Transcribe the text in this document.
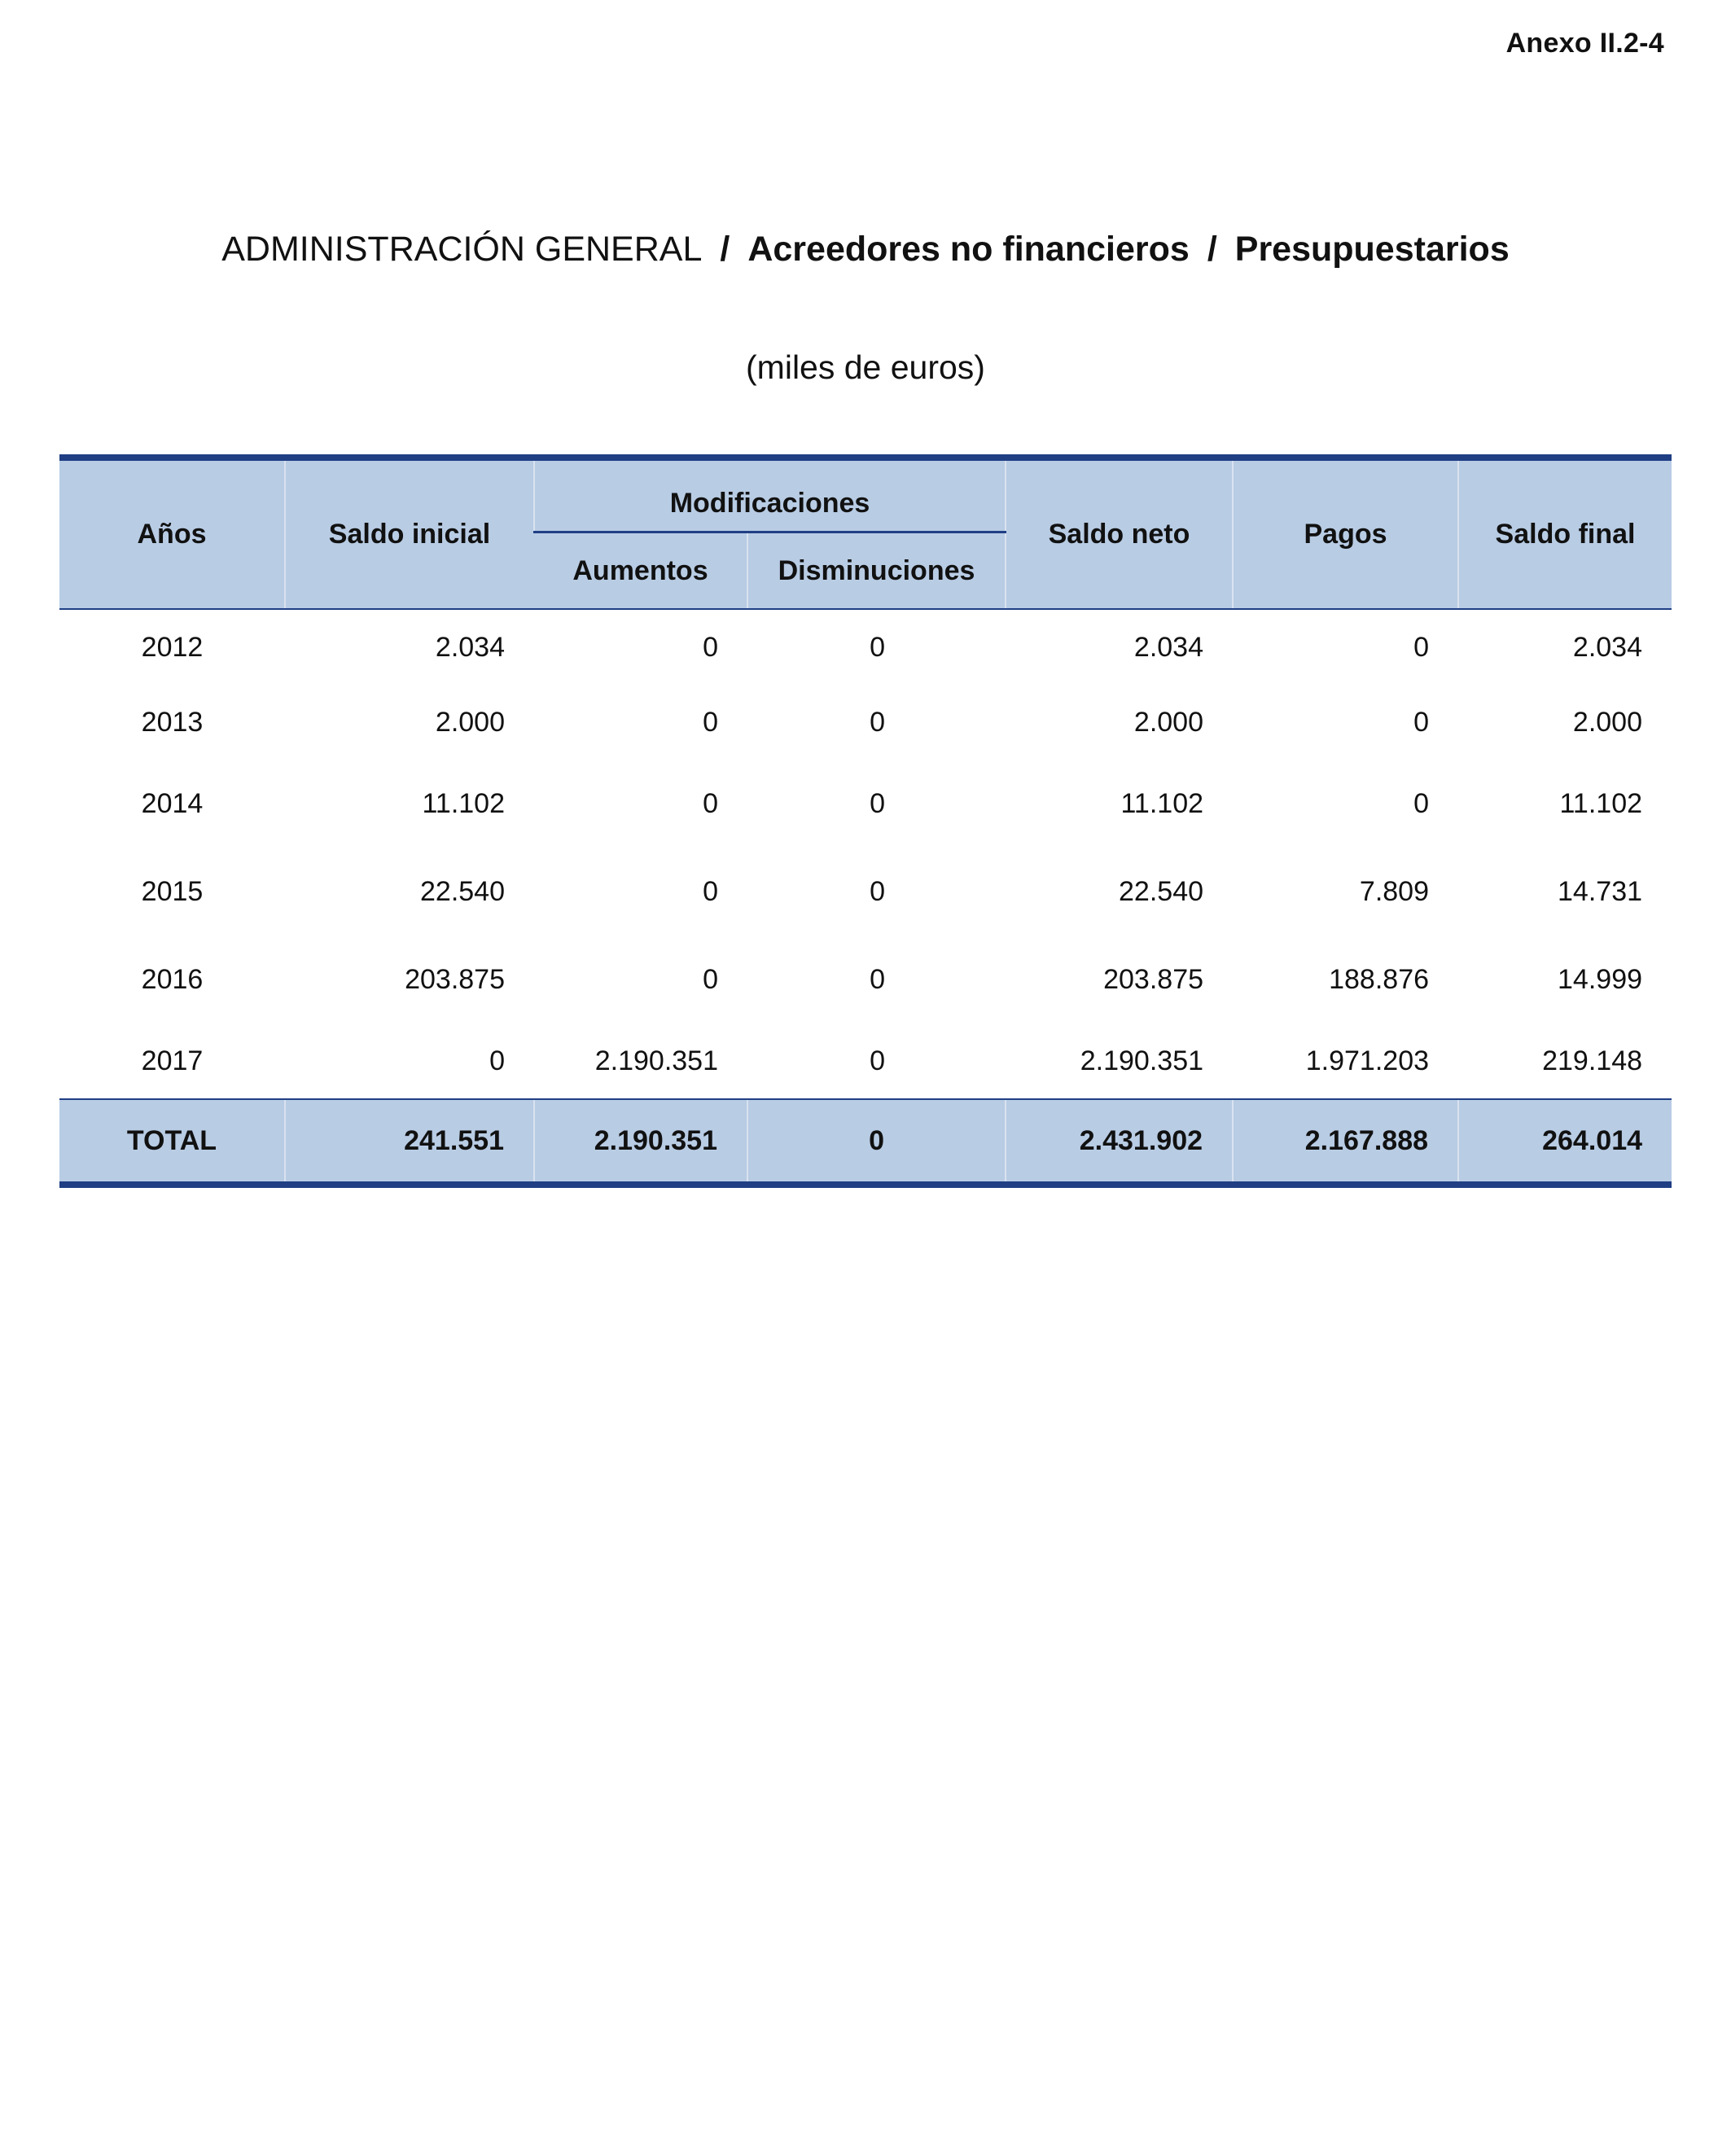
Anexo II.2-4
ADMINISTRACIÓN GENERAL / Acreedores no financieros / Presupuestarios
(miles de euros)
Años	Saldo inicial	Modificaciones		Saldo neto	Pagos	Saldo final
		Aumentos	Disminuciones			
2012	2.034	0	0	2.034	0	2.034
2013	2.000	0	0	2.000	0	2.000
2014	11.102	0	0	11.102	0	11.102
2015	22.540	0	0	22.540	7.809	14.731
2016	203.875	0	0	203.875	188.876	14.999
2017	0	2.190.351	0	2.190.351	1.971.203	219.148
TOTAL	241.551	2.190.351	0	2.431.902	2.167.888	264.014
